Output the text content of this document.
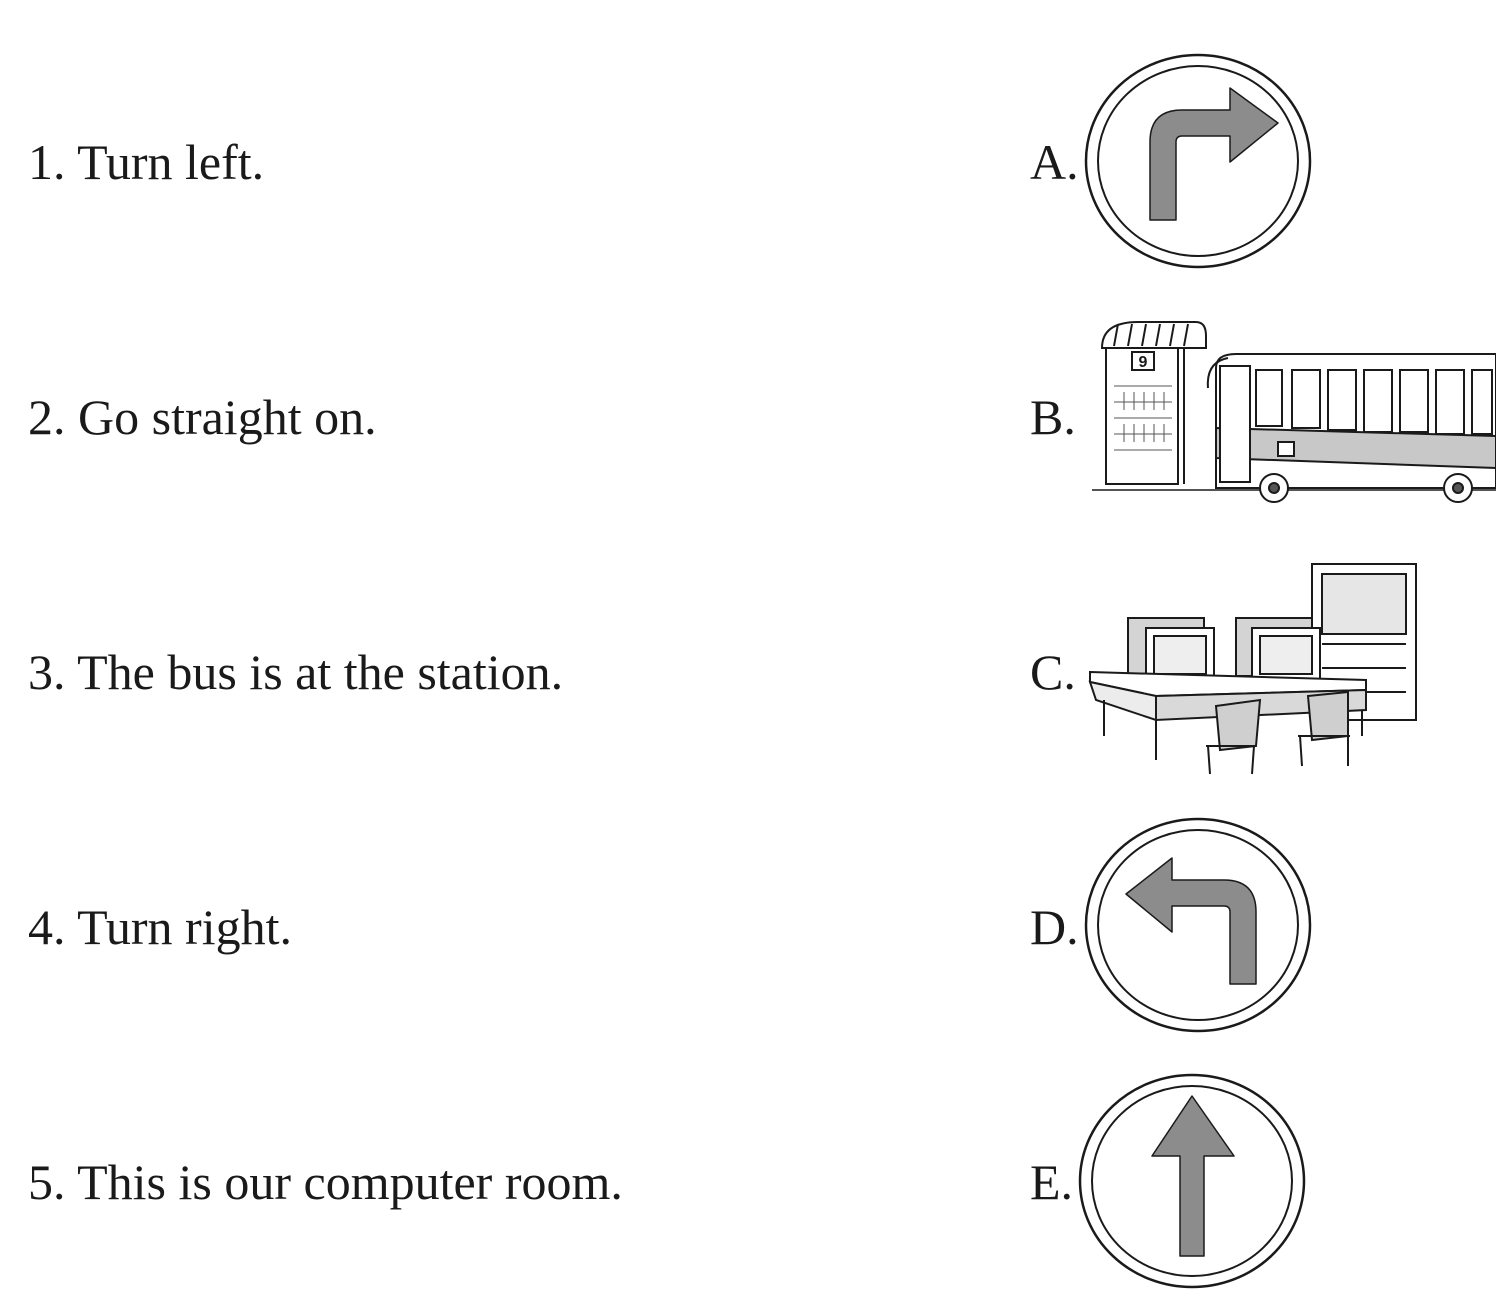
1. Turn left.
2. Go straight on.
3. The bus is at the station.
4. Turn right.
5. This is our computer room.
A.
B.
C.
D.
E.
9
